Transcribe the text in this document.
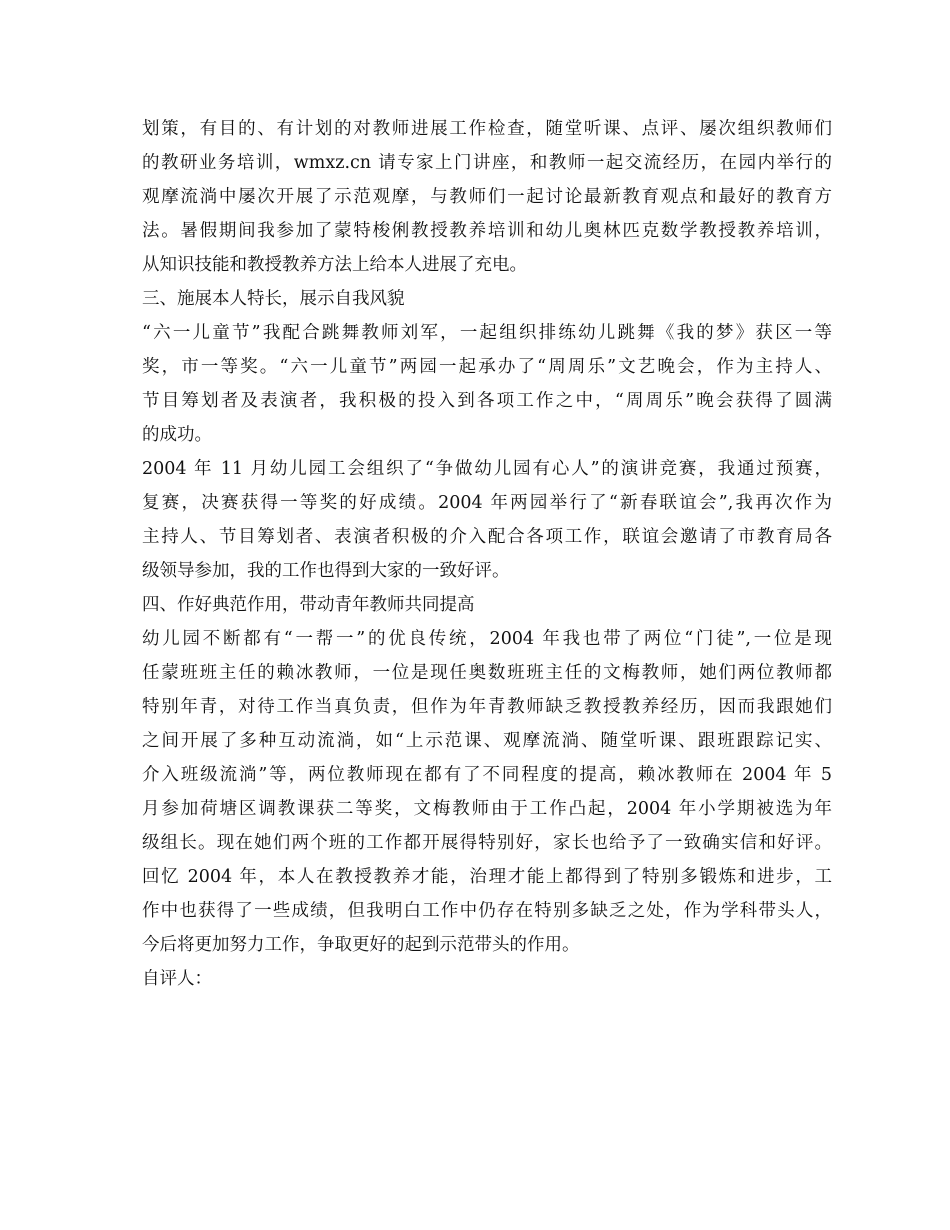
划策，有目的、有计划的对教师进展工作检查，随堂听课、点评、屡次组织教师们
的教研业务培训，wmxz.cn 请专家上门讲座，和教师一起交流经历，在园内举行的
观摩流淌中屡次开展了示范观摩，与教师们一起讨论最新教育观点和最好的教育方
法。暑假期间我参加了蒙特梭俐教授教养培训和幼儿奥林匹克数学教授教养培训，
从知识技能和教授教养方法上给本人进展了充电。
三、施展本人特长，展示自我风貌
“六一儿童节”我配合跳舞教师刘军，一起组织排练幼儿跳舞《我的梦》获区一等
奖，市一等奖。“六一儿童节”两园一起承办了“周周乐”文艺晚会，作为主持人、
节目筹划者及表演者，我积极的投入到各项工作之中，“周周乐”晚会获得了圆满
的成功。
2004 年 11 月幼儿园工会组织了“争做幼儿园有心人”的演讲竞赛，我通过预赛，
复赛，决赛获得一等奖的好成绩。2004 年两园举行了“新春联谊会”,我再次作为
主持人、节目筹划者、表演者积极的介入配合各项工作，联谊会邀请了市教育局各
级领导参加，我的工作也得到大家的一致好评。
四、作好典范作用，带动青年教师共同提高
幼儿园不断都有“一帮一”的优良传统，2004 年我也带了两位“门徒”,一位是现
任蒙班班主任的赖冰教师，一位是现任奥数班班主任的文梅教师，她们两位教师都
特别年青，对待工作当真负责，但作为年青教师缺乏教授教养经历，因而我跟她们
之间开展了多种互动流淌，如“上示范课、观摩流淌、随堂听课、跟班跟踪记实、
介入班级流淌”等，两位教师现在都有了不同程度的提高，赖冰教师在 2004 年 5
月参加荷塘区调教课获二等奖，文梅教师由于工作凸起，2004 年小学期被选为年
级组长。现在她们两个班的工作都开展得特别好，家长也给予了一致确实信和好评。
回忆 2004 年，本人在教授教养才能，治理才能上都得到了特别多锻炼和进步，工
作中也获得了一些成绩，但我明白工作中仍存在特别多缺乏之处，作为学科带头人，
今后将更加努力工作，争取更好的起到示范带头的作用。
自评人：
